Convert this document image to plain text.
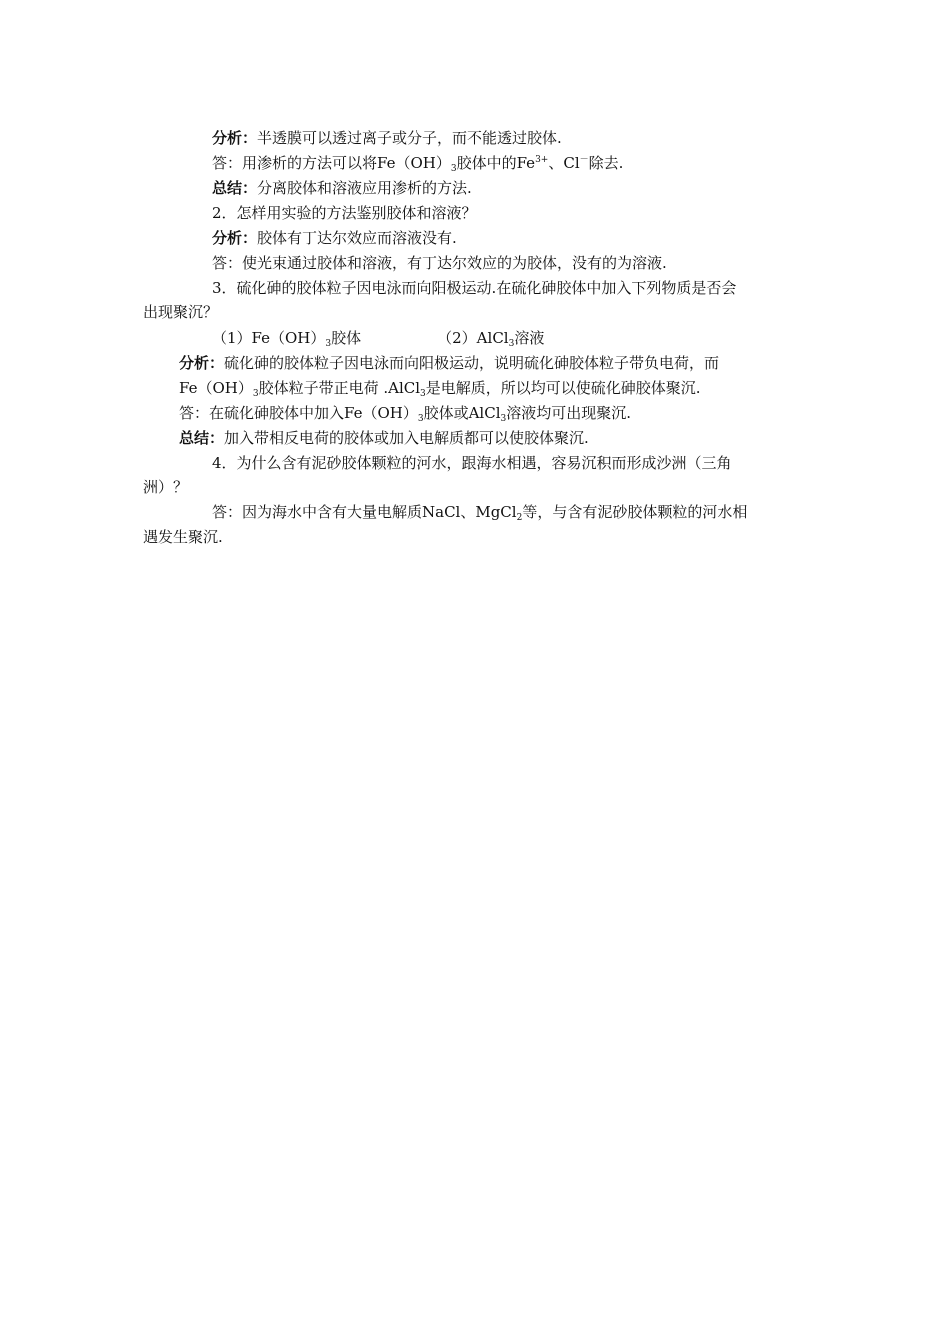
分析：半透膜可以透过离子或分子，而不能透过胶体.
答：用渗析的方法可以将$Fe(OH)_3$胶体中的$Fe^{3+}$、Cl－除去.
总结：分离胶体和溶液应用渗析的方法.
2．怎样用实验的方法鉴别胶体和溶液？
分析：胶体有丁达尔效应而溶液没有.
答：使光束通过胶体和溶液，有丁达尔效应的为胶体，没有的为溶液.
3．硫化砷的胶体粒子因电泳而向阳极运动.在硫化砷胶体中加入下列物质是否会
出现聚沉？
$(1)Fe(OH)_3$胶体	（2）AlCl$_3$溶液
分析：硫化砷的胶体粒子因电泳而向阳极运动，说明硫化砷胶体粒子带负电荷，而
$Fe(OH)_3$胶体粒子带正电荷 .AlCl$_3$是电解质，所以均可以使硫化砷胶体聚沉.
答：在硫化砷胶体中加入$Fe(OH)_3$胶体或AlCl$_3$溶液均可出现聚沉.
总结：加入带相反电荷的胶体或加入电解质都可以使胶体聚沉.
4．为什么含有泥砂胶体颗粒的河水，跟海水相遇，容易沉积而形成沙洲（三角
洲）？
答：因为海水中含有大量电解质NaCl、MgCl$_2$等，与含有泥砂胶体颗粒的河水相
遇发生聚沉.
